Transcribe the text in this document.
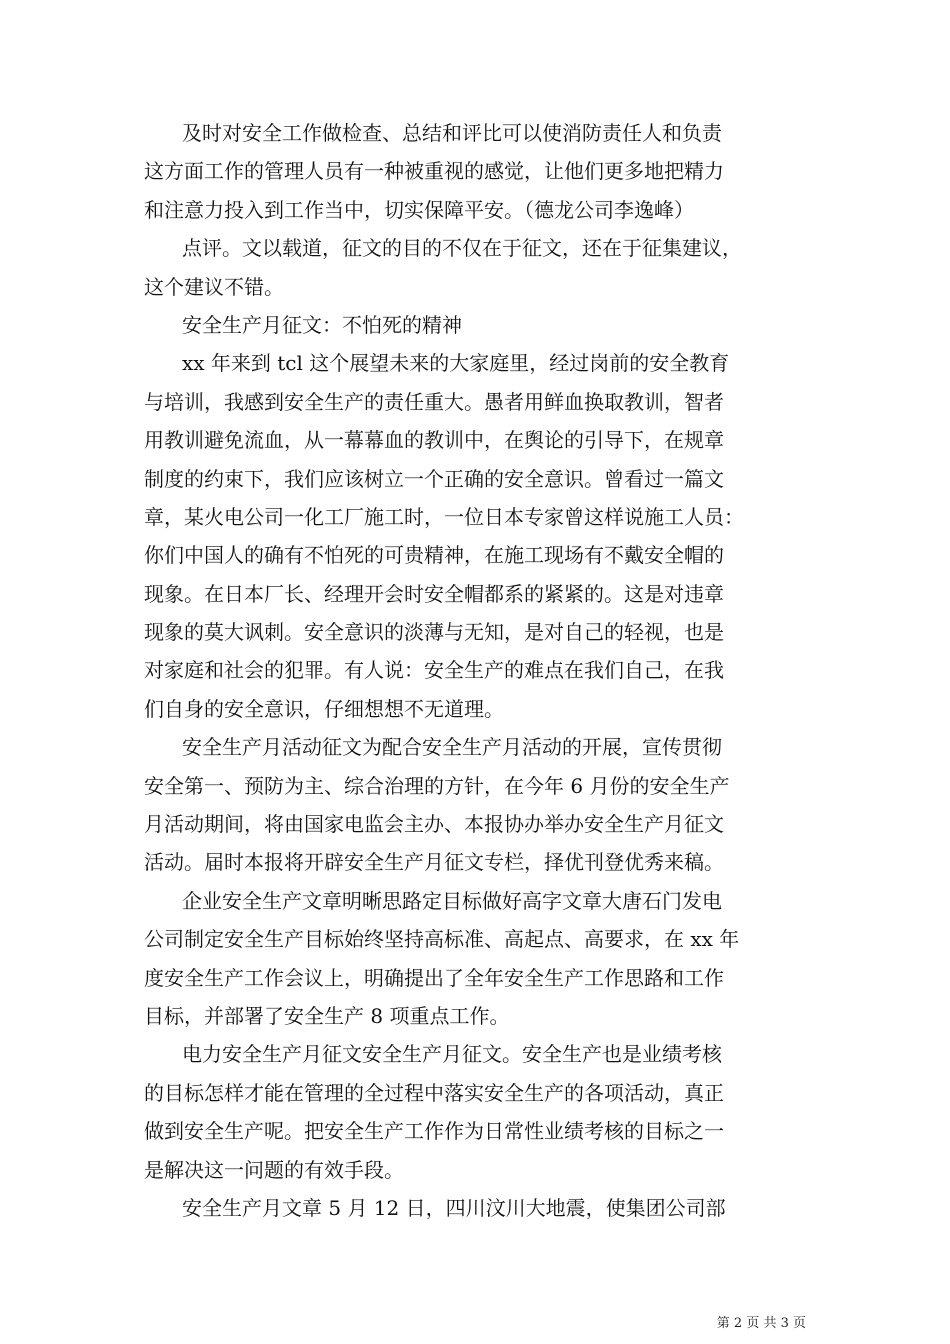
及时对安全工作做检查、总结和评比可以使消防责任人和负责
这方面工作的管理人员有一种被重视的感觉，让他们更多地把精力
和注意力投入到工作当中，切实保障平安。（德龙公司李逸峰）
点评。文以载道，征文的目的不仅在于征文，还在于征集建议，
这个建议不错。
安全生产月征文：不怕死的精神
xx 年来到 tcl 这个展望未来的大家庭里，经过岗前的安全教育
与培训，我感到安全生产的责任重大。愚者用鲜血换取教训，智者
用教训避免流血，从一幕幕血的教训中，在舆论的引导下，在规章
制度的约束下，我们应该树立一个正确的安全意识。曾看过一篇文
章，某火电公司一化工厂施工时，一位日本专家曾这样说施工人员：
你们中国人的确有不怕死的可贵精神，在施工现场有不戴安全帽的
现象。在日本厂长、经理开会时安全帽都系的紧紧的。这是对违章
现象的莫大讽刺。安全意识的淡薄与无知，是对自己的轻视，也是
对家庭和社会的犯罪。有人说：安全生产的难点在我们自己，在我
们自身的安全意识，仔细想想不无道理。
安全生产月活动征文为配合安全生产月活动的开展，宣传贯彻
安全第一、预防为主、综合治理的方针，在今年 6 月份的安全生产
月活动期间，将由国家电监会主办、本报协办举办安全生产月征文
活动。届时本报将开辟安全生产月征文专栏，择优刊登优秀来稿。
企业安全生产文章明晰思路定目标做好高字文章大唐石门发电
公司制定安全生产目标始终坚持高标准、高起点、高要求，在 xx 年
度安全生产工作会议上，明确提出了全年安全生产工作思路和工作
目标，并部署了安全生产 8 项重点工作。
电力安全生产月征文安全生产月征文。安全生产也是业绩考核
的目标怎样才能在管理的全过程中落实安全生产的各项活动，真正
做到安全生产呢。把安全生产工作作为日常性业绩考核的目标之一
是解决这一问题的有效手段。
安全生产月文章 5 月 12 日，四川汶川大地震，使集团公司部
第 2 页 共 3 页
